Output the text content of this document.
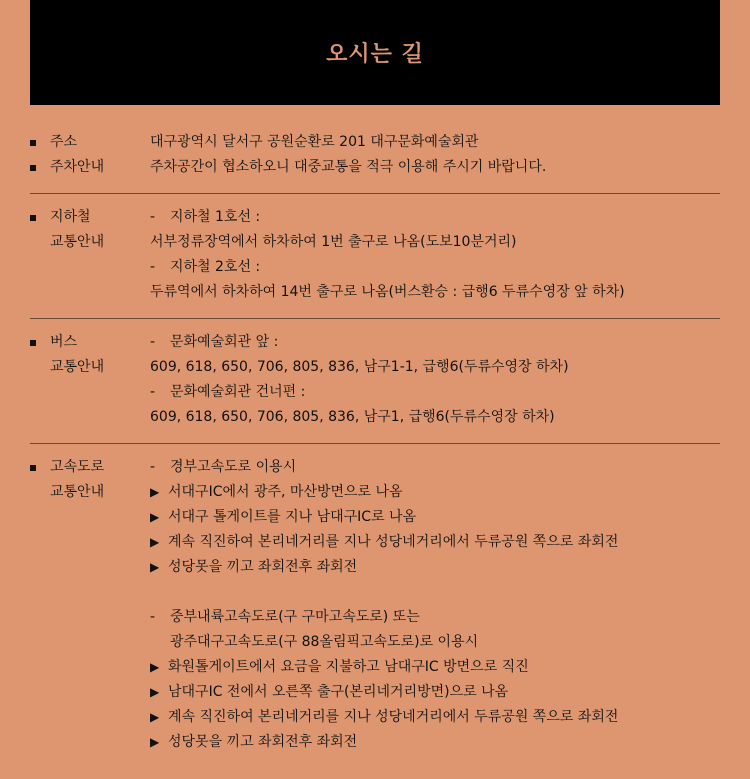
오시는 길
주소	대구광역시 달서구 공원순환로 201 대구문화예술회관
주차안내	주차공간이 협소하오니 대중교통을 적극 이용해 주시기 바랍니다.
지하철	- 지하철 1호선 :
교통안내	서부정류장역에서 하차하여 1번 출구로 나옴(도보10분거리)
- 지하철 2호선 :
두류역에서 하차하여 14번 출구로 나옴(버스환승 : 급행6 두류수영장 앞 하차)
버스	- 문화예술회관 앞 :
교통안내	609, 618, 650, 706, 805, 836, 남구1-1, 급행6(두류수영장 하차)
- 문화예술회관 건너편 :
609, 618, 650, 706, 805, 836, 남구1, 급행6(두류수영장 하차)
고속도로	- 경부고속도로 이용시
교통안내	▶ 서대구IC에서 광주, 마산방면으로 나옴
▶ 서대구 톨게이트를 지나 남대구IC로 나옴
▶ 계속 직진하여 본리네거리를 지나 성당네거리에서 두류공원 쪽으로 좌회전
▶ 성당못을 끼고 좌회전후 좌회전
- 중부내륙고속도로(구 구마고속도로) 또는
광주대구고속도로(구 88올림픽고속도로)로 이용시
▶ 화원톨게이트에서 요금을 지불하고 남대구IC 방면으로 직진
▶ 남대구IC 전에서 오른쪽 출구(본리네거리방면)으로 나옴
▶ 계속 직진하여 본리네거리를 지나 성당네거리에서 두류공원 쪽으로 좌회전
▶ 성당못을 끼고 좌회전후 좌회전
